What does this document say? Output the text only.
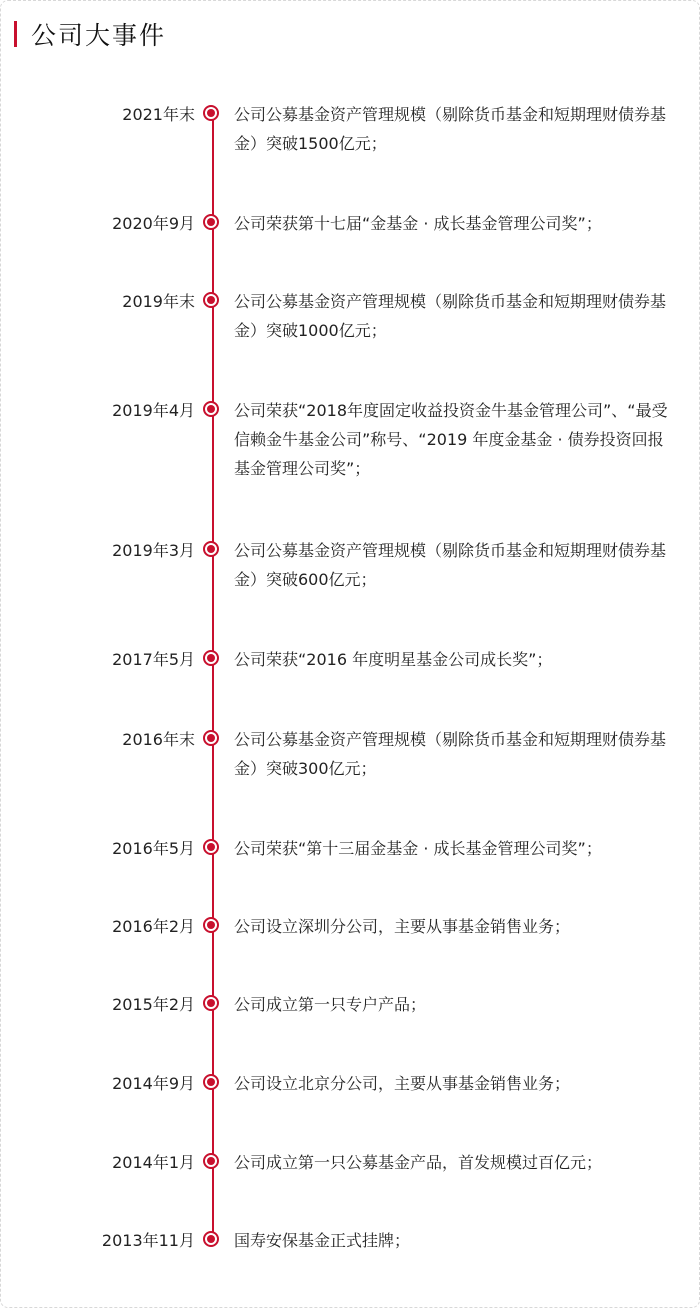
公司大事件
2021年末 公司公募基金资产管理规模（剔除货币基金和短期理财债券基金）突破1500亿元；
2020年9月 公司荣获第十七届“金基金 · 成长基金管理公司奖”；
2019年末 公司公募基金资产管理规模（剔除货币基金和短期理财债券基金）突破1000亿元；
2019年4月 公司荣获“2018年度固定收益投资金牛基金管理公司”、“最受信赖金牛基金公司”称号、“2019 年度金基金 · 债券投资回报基金管理公司奖”；
2019年3月 公司公募基金资产管理规模（剔除货币基金和短期理财债券基金）突破600亿元；
2017年5月 公司荣获“2016 年度明星基金公司成长奖”；
2016年末 公司公募基金资产管理规模（剔除货币基金和短期理财债券基金）突破300亿元；
2016年5月 公司荣获“第十三届金基金 · 成长基金管理公司奖”；
2016年2月 公司设立深圳分公司，主要从事基金销售业务；
2015年2月 公司成立第一只专户产品；
2014年9月 公司设立北京分公司，主要从事基金销售业务；
2014年1月 公司成立第一只公募基金产品，首发规模过百亿元；
2013年11月 国寿安保基金正式挂牌；
